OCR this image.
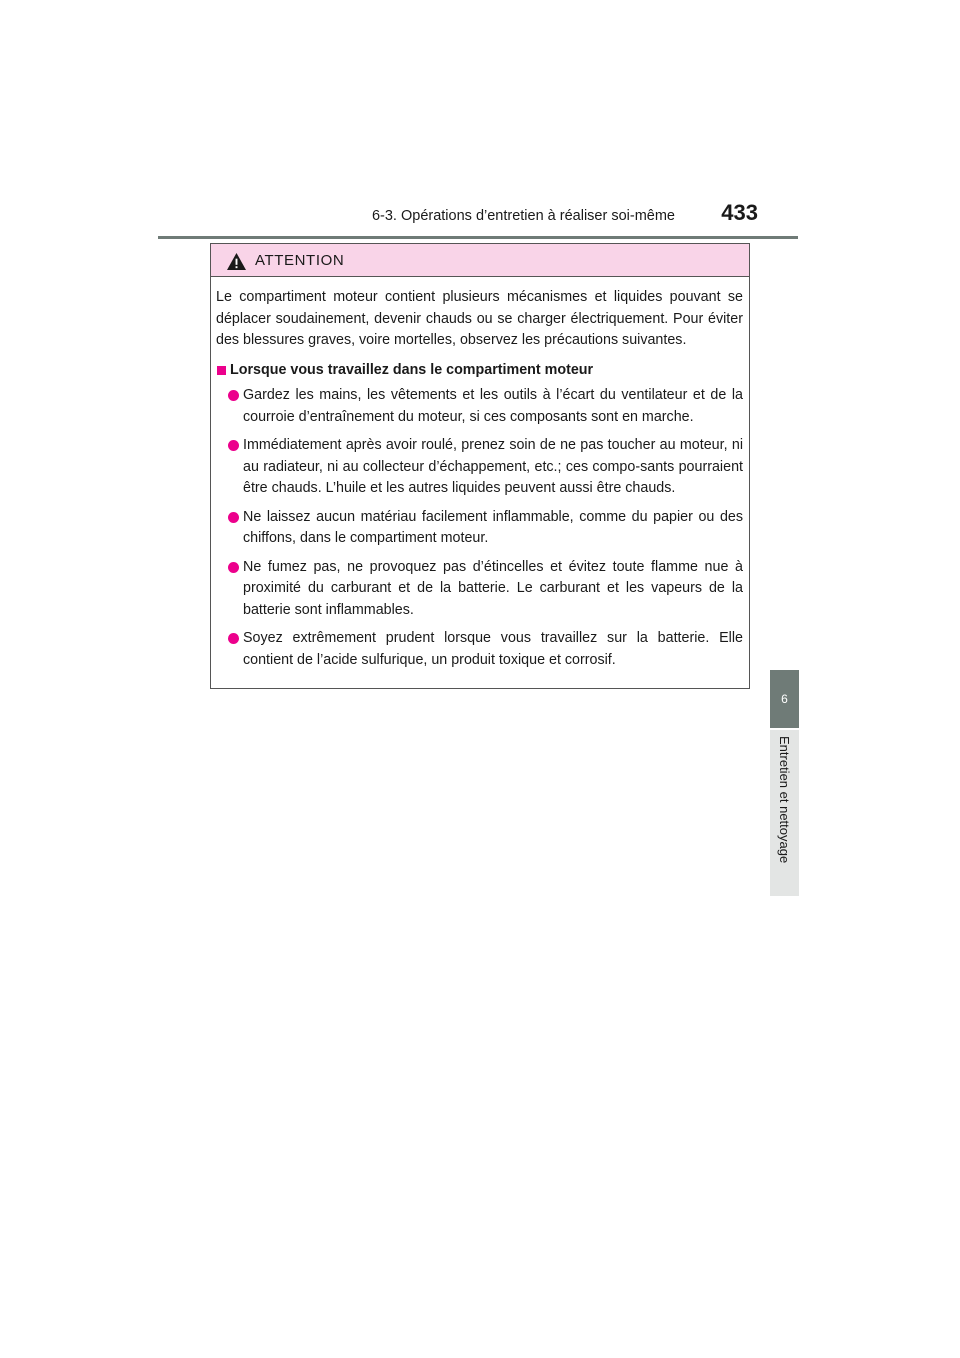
6-3. Opérations d’entretien à réaliser soi-même 433
6
Entretien et nettoyage
ATTENTION

Le compartiment moteur contient plusieurs mécanismes et liquides pouvant se déplacer soudainement, devenir chauds ou se charger électriquement. Pour éviter des blessures graves, voire mortelles, observez les précautions suivantes.

Lorsque vous travaillez dans le compartiment moteur
Gardez les mains, les vêtements et les outils à l’écart du ventilateur et de la courroie d’entraînement du moteur, si ces composants sont en marche.
Immédiatement après avoir roulé, prenez soin de ne pas toucher au moteur, ni au radiateur, ni au collecteur d’échappement, etc.; ces compo-sants pourraient être chauds. L’huile et les autres liquides peuvent aussi être chauds.
Ne laissez aucun matériau facilement inflammable, comme du papier ou des chiffons, dans le compartiment moteur.
Ne fumez pas, ne provoquez pas d’étincelles et évitez toute flamme nue à proximité du carburant et de la batterie. Le carburant et les vapeurs de la batterie sont inflammables.
Soyez extrêmement prudent lorsque vous travaillez sur la batterie. Elle contient de l’acide sulfurique, un produit toxique et corrosif.
